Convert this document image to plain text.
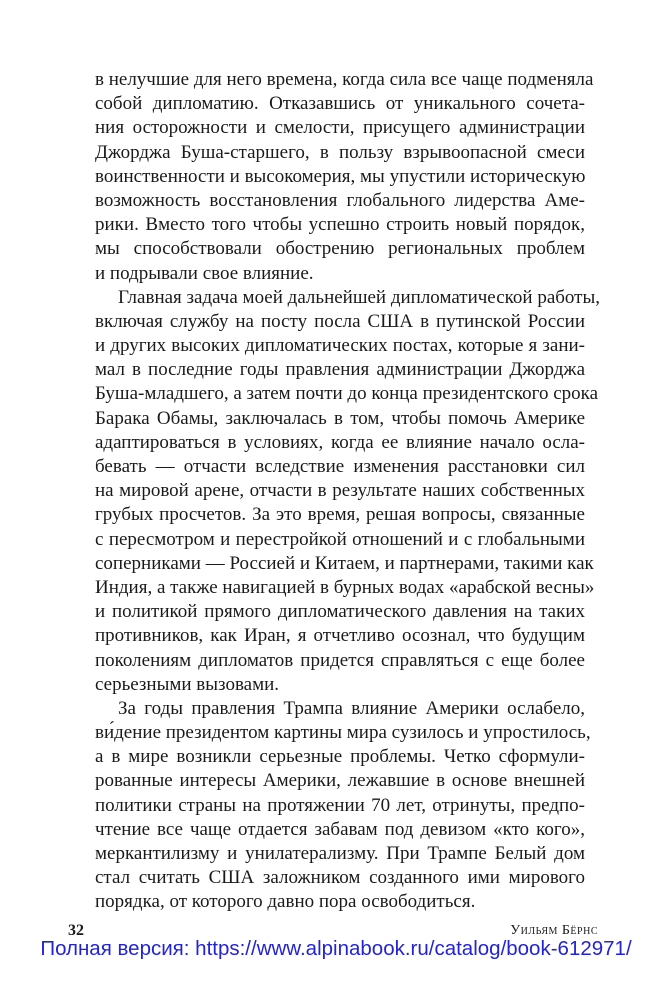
в нелучшие для него времена, когда сила все чаще подменяла
собой дипломатию. Отказавшись от уникального сочета-
ния осторожности и смелости, присущего администрации
Джорджа Буша-старшего, в пользу взрывоопасной смеси
воинственности и высокомерия, мы упустили историческую
возможность восстановления глобального лидерства Аме-
рики. Вместо того чтобы успешно строить новый порядок,
мы способствовали обострению региональных проблем
и подрывали свое влияние.
Главная задача моей дальнейшей дипломатической работы,
включая службу на посту посла США в путинской России
и других высоких дипломатических постах, которые я зани-
мал в последние годы правления администрации Джорджа
Буша-младшего, а затем почти до конца президентского срока
Барака Обамы, заключалась в том, чтобы помочь Америке
адаптироваться в условиях, когда ее влияние начало осла-
бевать — отчасти вследствие изменения расстановки сил
на мировой арене, отчасти в результате наших собственных
грубых просчетов. За это время, решая вопросы, связанные
с пересмотром и перестройкой отношений и с глобальными
соперниками — Россией и Китаем, и партнерами, такими как
Индия, а также навигацией в бурных водах «арабской весны»
и политикой прямого дипломатического давления на таких
противников, как Иран, я отчетливо осознал, что будущим
поколениям дипломатов придется справляться с еще более
серьезными вызовами.
За годы правления Трампа влияние Америки ослабело,
ви́дение президентом картины мира сузилось и упростилось,
а в мире возникли серьезные проблемы. Четко сформули-
рованные интересы Америки, лежавшие в основе внешней
политики страны на протяжении 70 лет, отринуты, предпо-
чтение все чаще отдается забавам под девизом «кто кого»,
меркантилизму и унилатерализму. При Трампе Белый дом
стал считать США заложником созданного ими мирового
порядка, от которого давно пора освободиться.
32	Уильям Бёрнс
Полная версия: https://www.alpinabook.ru/catalog/book-612971/
